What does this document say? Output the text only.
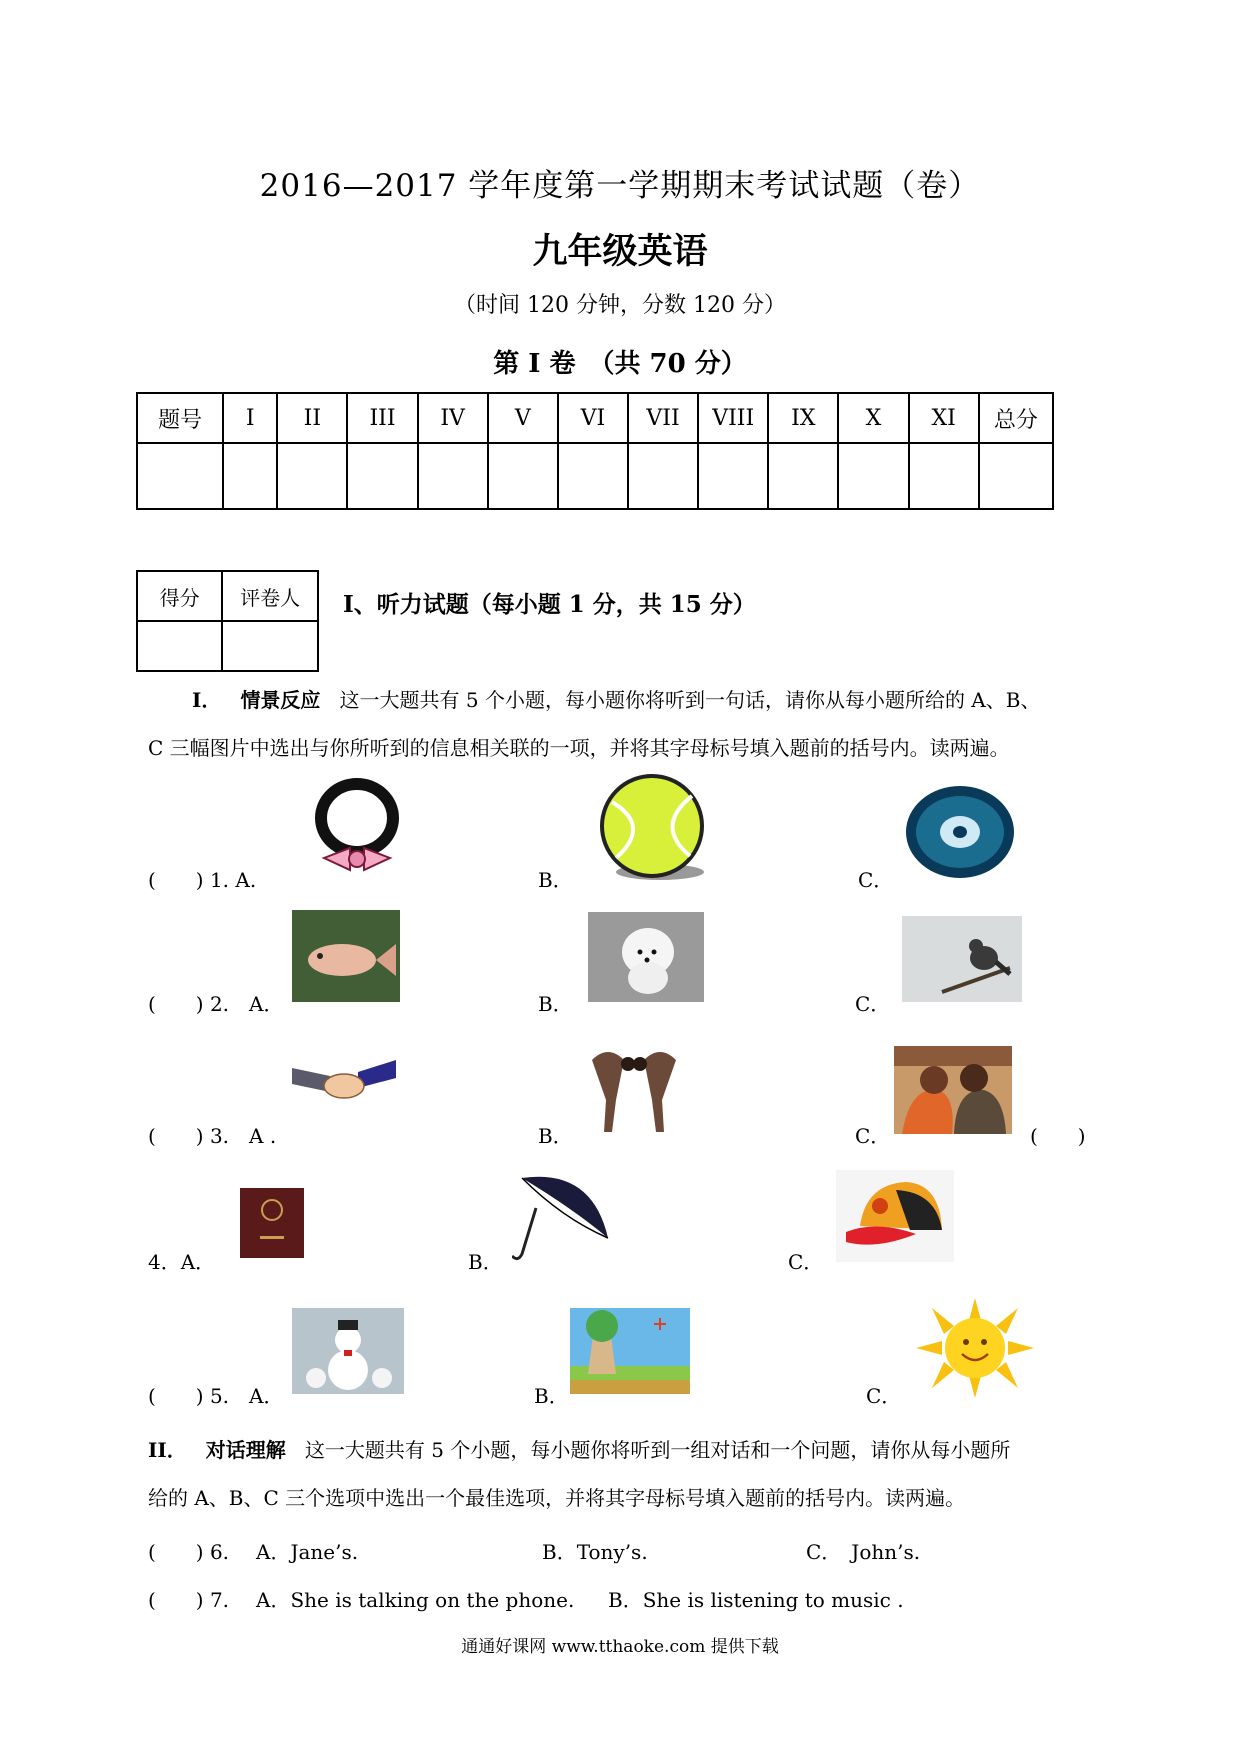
2016—2017 学年度第一学期期末考试试题（卷）
九年级英语
（时间 120 分钟，分数 120 分）
第 I 卷　（共 70 分）
题号	I	II	III	IV	V	VI	VII	VIII	IX	X	XI	总分

得分	评卷人
	Ⅰ、听力试题（每小题 1 分，共 15 分）
I． 情景反应 这一大题共有 5 个小题，每小题你将听到一句话，请你从每小题所给的 A、B、
C 三幅图片中选出与你所听到的信息相关联的一项，并将其字母标号填入题前的括号内。读两遍。
(　　) 1. A.	B．	C．
(　　) 2.　A．	B．	C．
(　　) 3.　A .	B．	C．	(　　)
4．A．	B．	C．
(　　) 5.　A．	B．	C．
II． 对话理解 这一大题共有 5 个小题，每小题你将听到一组对话和一个问题，请你从每小题所
给的 A、B、C 三个选项中选出一个最佳选项，并将其字母标号填入题前的括号内。读两遍。
(　　) 6. A．Jane’s.	B．Tony’s.	C．　John’s.
(　　) 7. A．She is talking on the phone. B．She is listening to music .
通通好课网 www.tthaoke.com 提供下载
